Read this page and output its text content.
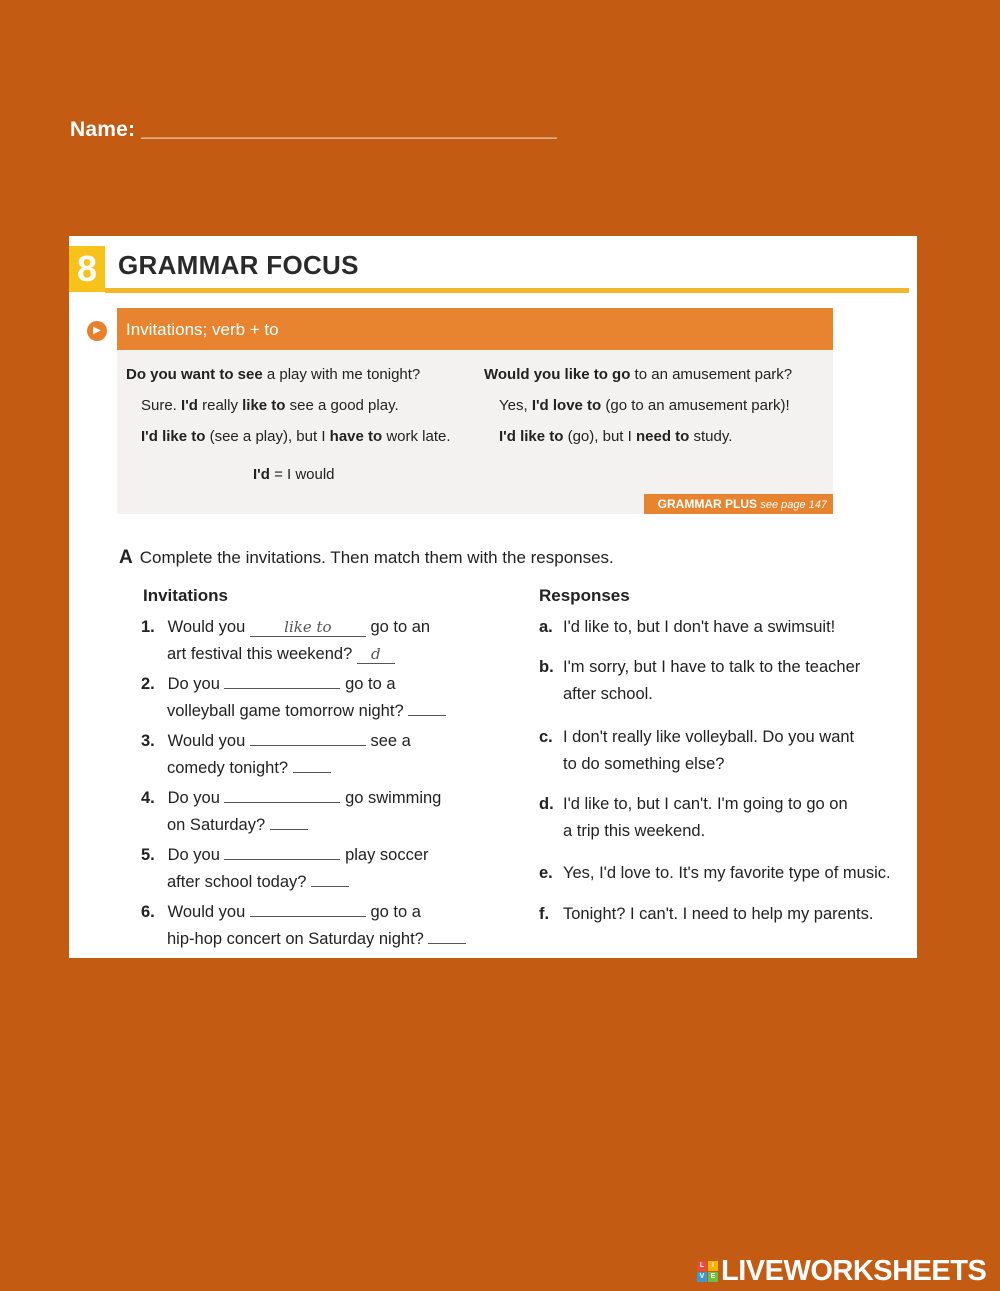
Name: ___________________________________
8 GRAMMAR FOCUS
▶	Invitations; verb + to
Do you want to see a play with me tonight?
Sure. I'd really like to see a good play.
I'd like to (see a play), but I have to work late.
Would you like to go to an amusement park?
Yes, I'd love to (go to an amusement park)!
I'd like to (go), but I need to study.
I'd = I would
GRAMMAR PLUS see page 147
A Complete the invitations. Then match them with the responses.
Invitations	Responses
1. Would you	like to go to an
art festival this weekend? d
2. Do you	go to a
volleyball game tomorrow night?
3. Would you	see a
comedy tonight?
4. Do you	go swimming
on Saturday?
5. Do you	play soccer
after school today?
6. Would you	go to a
hip-hop concert on Saturday night?
a. I'd like to, but I don't have a swimsuit!
b. I'm sorry, but I have to talk to the teacher
after school.
c. I don't really like volleyball. Do you want
to do something else?
d. I'd like to, but I can't. I'm going to go on
a trip this weekend.
e. Yes, I'd love to. It's my favorite type of music.
f. Tonight? I can't. I need to help my parents.
L	I
V E LIVEWORKSHEETS
